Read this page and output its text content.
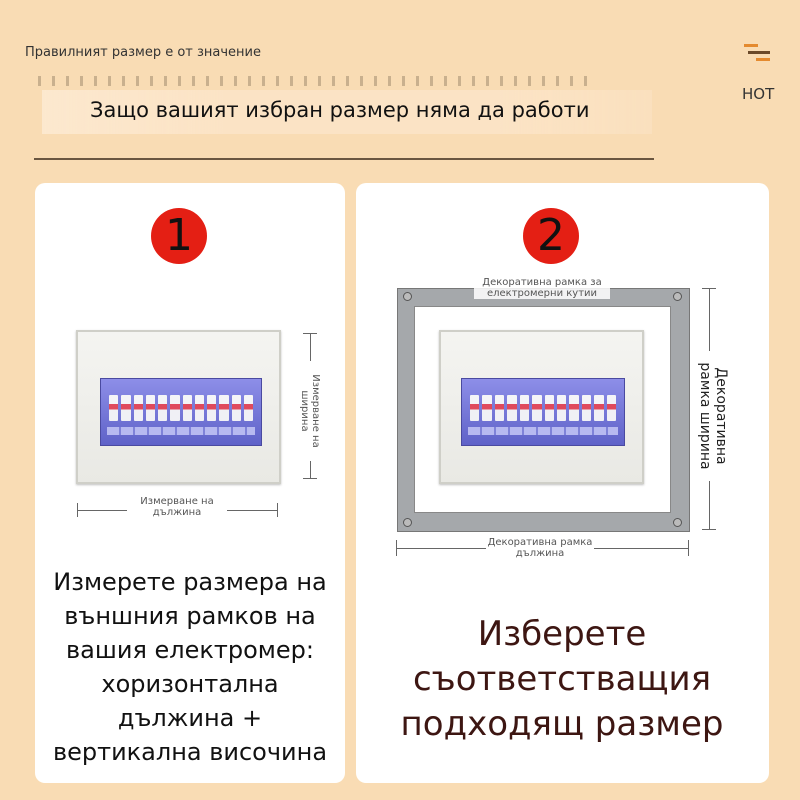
Правилният размер е от значение
HOT
Защо вашият избран размер няма да работи
1
Измерване на ширина
Измерване на дължина
Измерете размера на външния рамков на вашия електромер: хоризонтална дължина + вертикална височина
2
Декоративна рамка за електромерни кутии
Декоративна рамка ширина
Декоративна рамка дължина
Изберете съответстващия подходящ размер
